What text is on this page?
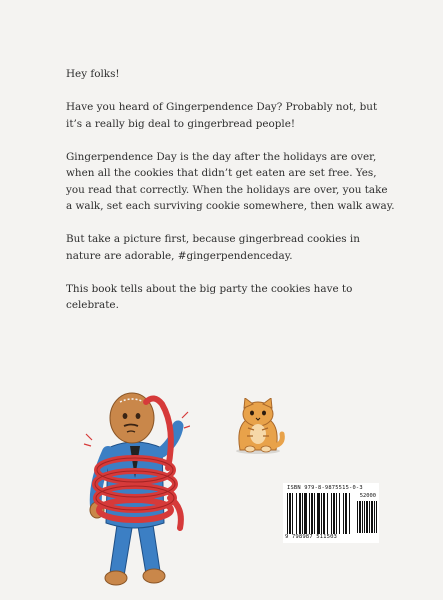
Hey folks!

Have you heard of Gingerpendence Day? Probably not, but it’s a really big deal to gingerbread people!

Gingerpendence Day is the day after the holidays are over, when all the cookies that didn’t get eaten are set free. Yes, you read that correctly. When the holidays are over, you take a walk, set each surviving cookie somewhere, then walk away.

But take a picture first, because gingerbread cookies in nature are adorable, #gingerpendenceday.

This book tells about the big party the cookies have to celebrate.

ISBN 979-8-9875515-0-3
52000
9 798987 511503
